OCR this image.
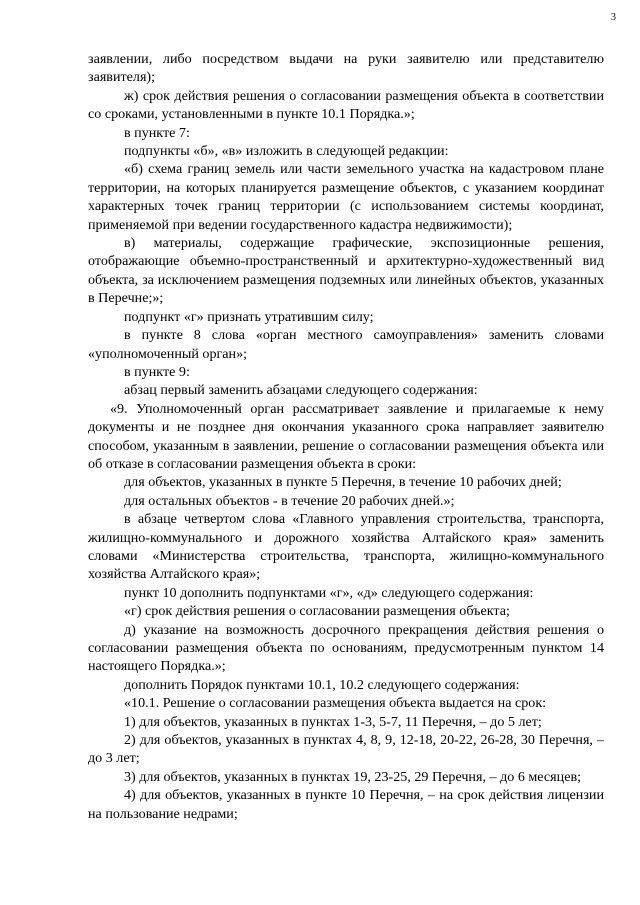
3

заявлении, либо посредством выдачи на руки заявителю или представителю заявителя);

ж) срок действия решения о согласовании размещения объекта в соответствии со сроками, установленными в пункте 10.1 Порядка.»;

в пункте 7:

подпункты «б», «в» изложить в следующей редакции:

«б) схема границ земель или части земельного участка на кадастровом плане территории, на которых планируется размещение объектов, с указанием координат характерных точек границ территории (с использованием системы координат, применяемой при ведении государственного кадастра недвижимости);

в) материалы, содержащие графические, экспозиционные решения, отображающие объемно-пространственный и архитектурно-художественный вид объекта, за исключением размещения подземных или линейных объектов, указанных в Перечне;»;

подпункт «г» признать утратившим силу;

в пункте 8 слова «орган местного самоуправления» заменить словами «уполномоченный орган»;

в пункте 9:

абзац первый заменить абзацами следующего содержания:

«9. Уполномоченный орган рассматривает заявление и прилагаемые к нему документы и не позднее дня окончания указанного срока направляет заявителю способом, указанным в заявлении, решение о согласовании размещения объекта или об отказе в согласовании размещения объекта в сроки:

для объектов, указанных в пункте 5 Перечня, в течение 10 рабочих дней;

для остальных объектов - в течение 20 рабочих дней.»;

в абзаце четвертом слова «Главного управления строительства, транспорта, жилищно-коммунального и дорожного хозяйства Алтайского края» заменить словами «Министерства строительства, транспорта, жилищно-коммунального хозяйства Алтайского края»;

пункт 10 дополнить подпунктами «г», «д» следующего содержания:

«г) срок действия решения о согласовании размещения объекта;

д) указание на возможность досрочного прекращения действия решения о согласовании размещения объекта по основаниям, предусмотренным пунктом 14 настоящего Порядка.»;

дополнить Порядок пунктами 10.1, 10.2 следующего содержания:

«10.1. Решение о согласовании размещения объекта выдается на срок:

1) для объектов, указанных в пунктах 1-3, 5-7, 11 Перечня, – до 5 лет;

2) для объектов, указанных в пунктах 4, 8, 9, 12-18, 20-22, 26-28, 30 Перечня, – до 3 лет;

3) для объектов, указанных в пунктах 19, 23-25, 29 Перечня, – до 6 месяцев;

4) для объектов, указанных в пункте 10 Перечня, – на срок действия лицензии на пользование недрами;
